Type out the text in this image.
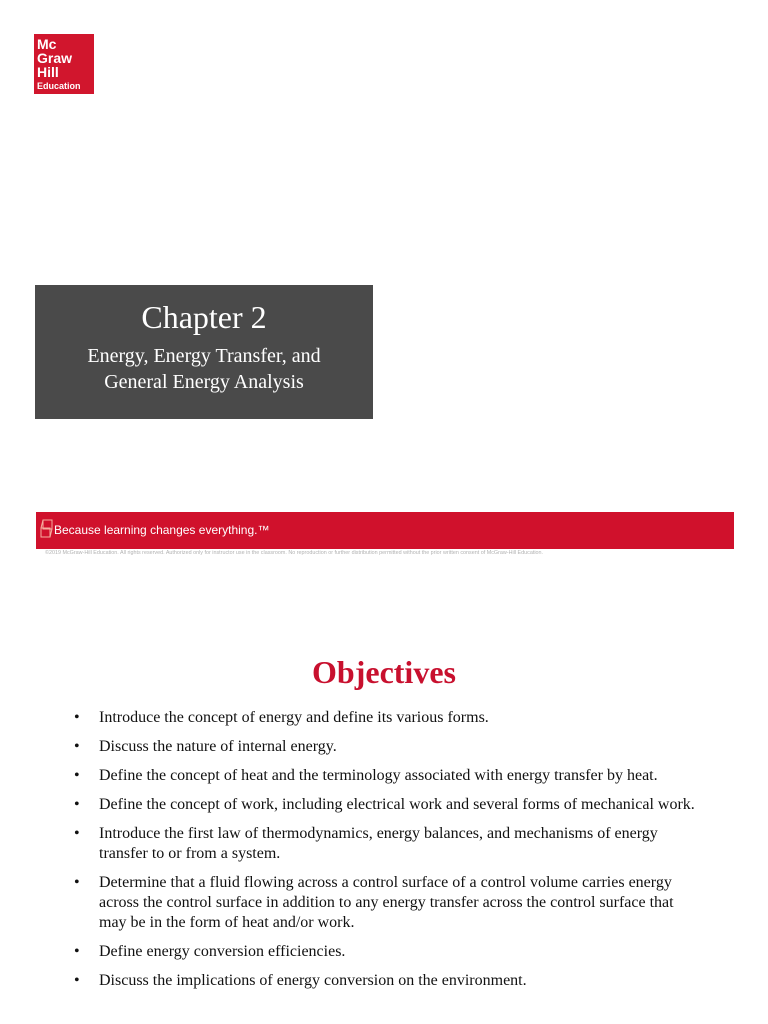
Mc
Graw
Hill
Education
Chapter 2
Energy, Energy Transfer, and
General Energy Analysis
Because learning changes everything.™
©2019 McGraw-Hill Education. All rights reserved. Authorized only for instructor use in the classroom. No reproduction or further distribution permitted without the prior written consent of McGraw-Hill Education.
Objectives
• Introduce the concept of energy and define its various forms.
• Discuss the nature of internal energy.
• Define the concept of heat and the terminology associated with energy transfer by heat.
• Define the concept of work, including electrical work and several forms of mechanical work.
• Introduce the first law of thermodynamics, energy balances, and mechanisms of energy transfer to or from a system.
• Determine that a fluid flowing across a control surface of a control volume carries energy across the control surface in addition to any energy transfer across the control surface that may be in the form of heat and/or work.
• Define energy conversion efficiencies.
• Discuss the implications of energy conversion on the environment.
